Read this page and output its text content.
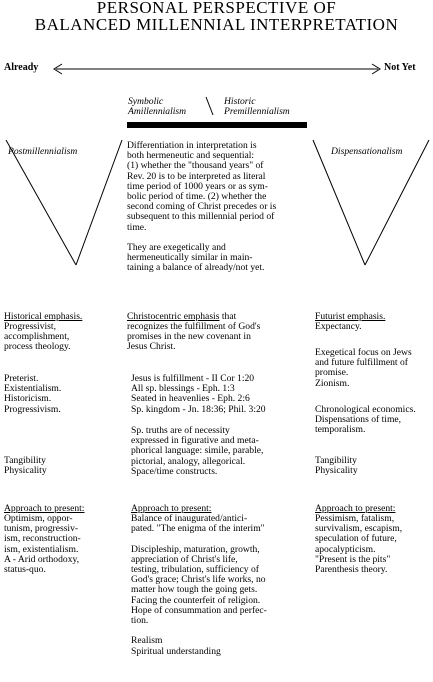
PERSONAL PERSPECTIVE OF
BALANCED MILLENNIAL INTERPRETATION
Already	Not Yet
Symbolic
Amillennialism
Historic
Premillennialism
Postmillennialism	Dispensationalism
Differentiation in interpretation is
both hermeneutic and sequential:
(1) whether the "thousand years" of
Rev. 20 is to be interpreted as literal
time period of 1000 years or as sym-
bolic period of time. (2) whether the
second coming of Christ precedes or is
subsequent to this millennial period of
time.

They are exegetically and
hermeneutically similar in main-
taining a balance of already/not yet.
Historical emphasis.
Progressivist,
accomplishment,
process theology.
Preterist.
Existentialism.
Historicism.
Progressivism.
Tangibility
Physicality
Approach to present:
Optimism, oppor-
tunism, progressiv-
ism, reconstruction-
ism, existentialism.
A - Arid orthodoxy,
status-quo.
Christocentric emphasis that
recognizes the fulfillment of God's
promises in the new covenant in
Jesus Christ.
Jesus is fulfillment - II Cor 1:20
All sp. blessings - Eph. 1:3
Seated in heavenlies - Eph. 2:6
Sp. kingdom - Jn. 18:36; Phil. 3:20
Sp. truths are of necessity
expressed in figurative and meta-
phorical language: simile, parable,
pictorial, analogy, allegorical.
Space/time constructs.
Approach to present:
Balance of inaugurated/antici-
pated. "The enigma of the interim"

Discipleship, maturation, growth,
appreciation of Christ's life,
testing, tribulation, sufficiency of
God's grace; Christ's life works, no
matter how tough the going gets.
Facing the counterfeit of religion.
Hope of consummation and perfec-
tion.

Realism
Spiritual understanding
Futurist emphasis.
Expectancy.
Exegetical focus on Jews
and future fulfillment of
promise.
Zionism.
Chronological economics.
Dispensations of time,
temporalism.
Tangibility
Physicality
Approach to present:
Pessimism, fatalism,
survivalism, escapism,
speculation of future,
apocalypticism.
"Present is the pits"
Parenthesis theory.
